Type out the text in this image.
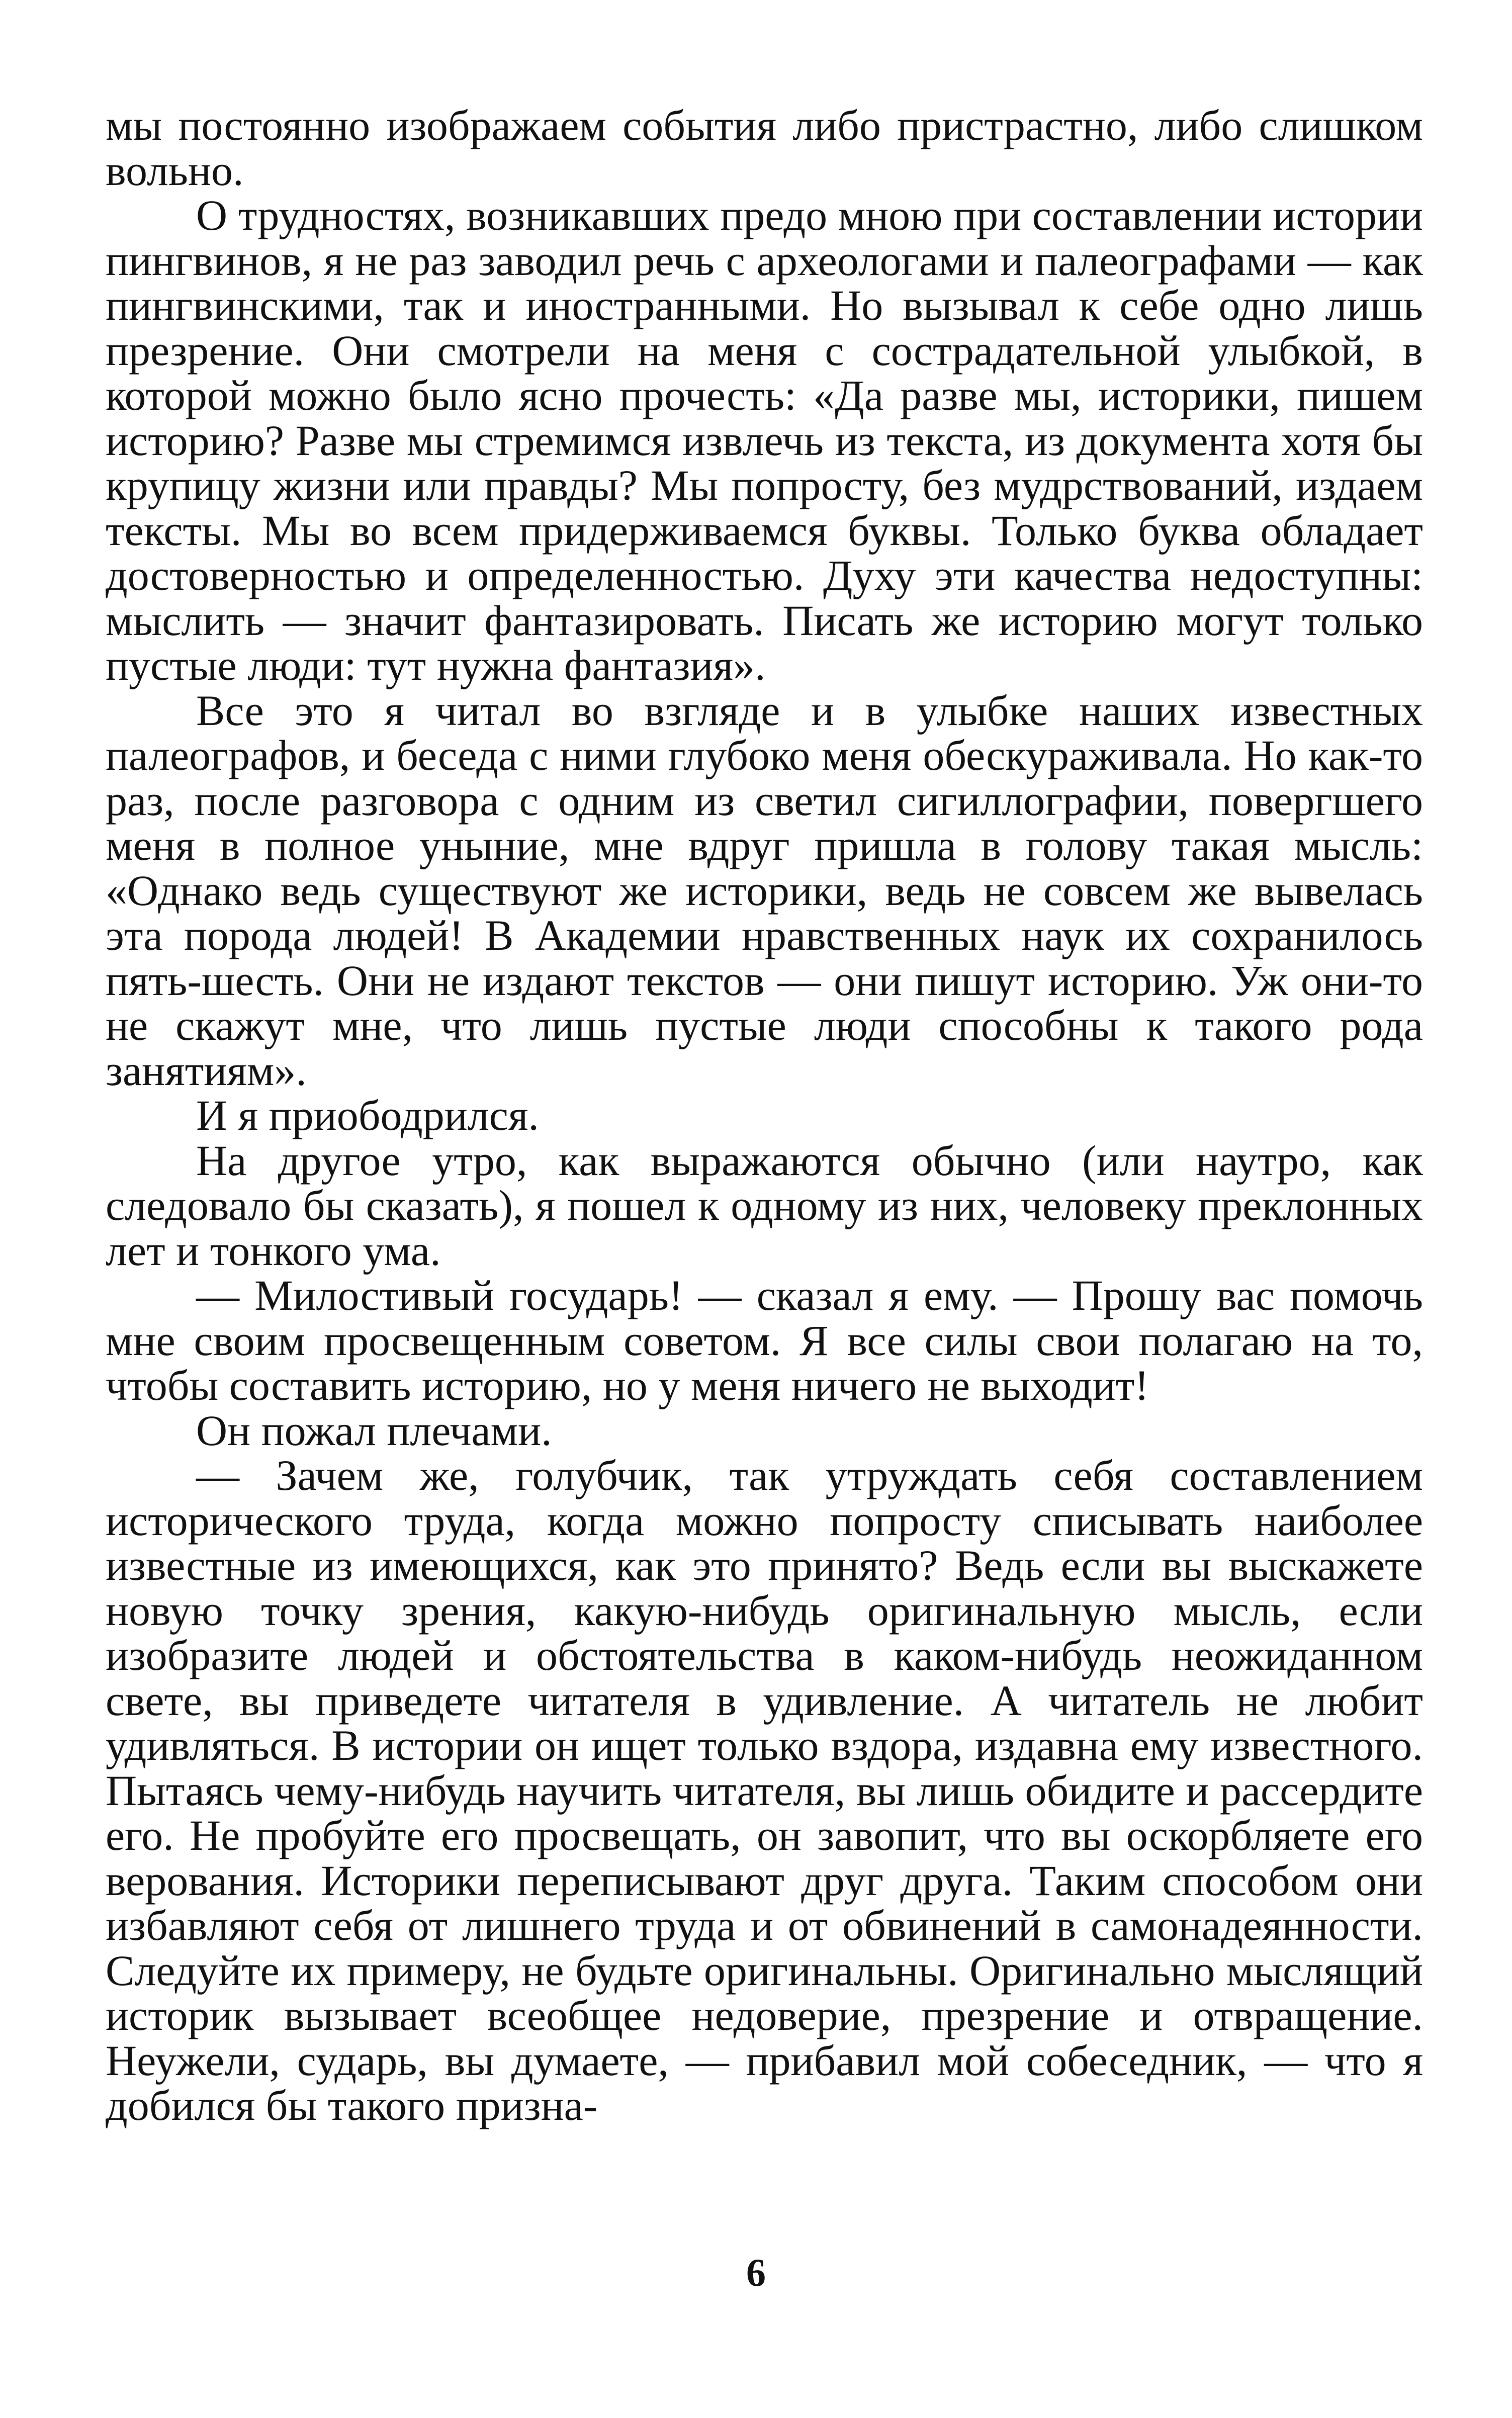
мы постоянно изображаем события либо пристрастно, либо слишком вольно.

О трудностях, возникавших предо мною при составлении истории пингвинов, я не раз заводил речь с археологами и палеографами — как пингвинскими, так и иностранными. Но вызывал к себе одно лишь презрение. Они смотрели на меня с сострадательной улыбкой, в которой можно было ясно прочесть: «Да разве мы, историки, пишем историю? Разве мы стремимся извлечь из текста, из документа хотя бы крупицу жизни или правды? Мы попросту, без мудрствований, издаем тексты. Мы во всем придерживаемся буквы. Только буква обладает достоверностью и определенностью. Духу эти качества недоступны: мыслить — значит фантазировать. Писать же историю могут только пустые люди: тут нужна фантазия».

Все это я читал во взгляде и в улыбке наших известных палеографов, и беседа с ними глубоко меня обескураживала. Но как-то раз, после разговора с одним из светил сигиллографии, повергшего меня в полное уныние, мне вдруг пришла в голову такая мысль: «Однако ведь существуют же историки, ведь не совсем же вывелась эта порода людей! В Академии нравственных наук их сохранилось пять-шесть. Они не издают текстов — они пишут историю. Уж они-то не скажут мне, что лишь пустые люди способны к такого рода занятиям».

И я приободрился.

На другое утро, как выражаются обычно (или наутро, как следовало бы сказать), я пошел к одному из них, человеку преклонных лет и тонкого ума.

— Милостивый государь! — сказал я ему. — Прошу вас помочь мне своим просвещенным советом. Я все силы свои полагаю на то, чтобы составить историю, но у меня ничего не выходит!

Он пожал плечами.

— Зачем же, голубчик, так утруждать себя составлением исторического труда, когда можно попросту списывать наиболее известные из имеющихся, как это принято? Ведь если вы выскажете новую точку зрения, какую-нибудь оригинальную мысль, если изобразите людей и обстоятельства в каком-нибудь неожиданном свете, вы приведете читателя в удивление. А читатель не любит удивляться. В истории он ищет только вздора, издавна ему известного. Пытаясь чему-нибудь научить читателя, вы лишь обидите и рассердите его. Не пробуйте его просвещать, он завопит, что вы оскорбляете его верования. Историки переписывают друг друга. Таким способом они избавляют себя от лишнего труда и от обвинений в самонадеянности. Следуйте их примеру, не будьте оригинальны. Оригинально мыслящий историк вызывает всеобщее недоверие, презрение и отвращение. Неужели, сударь, вы думаете, — прибавил мой собеседник, — что я добился бы такого призна-

6
